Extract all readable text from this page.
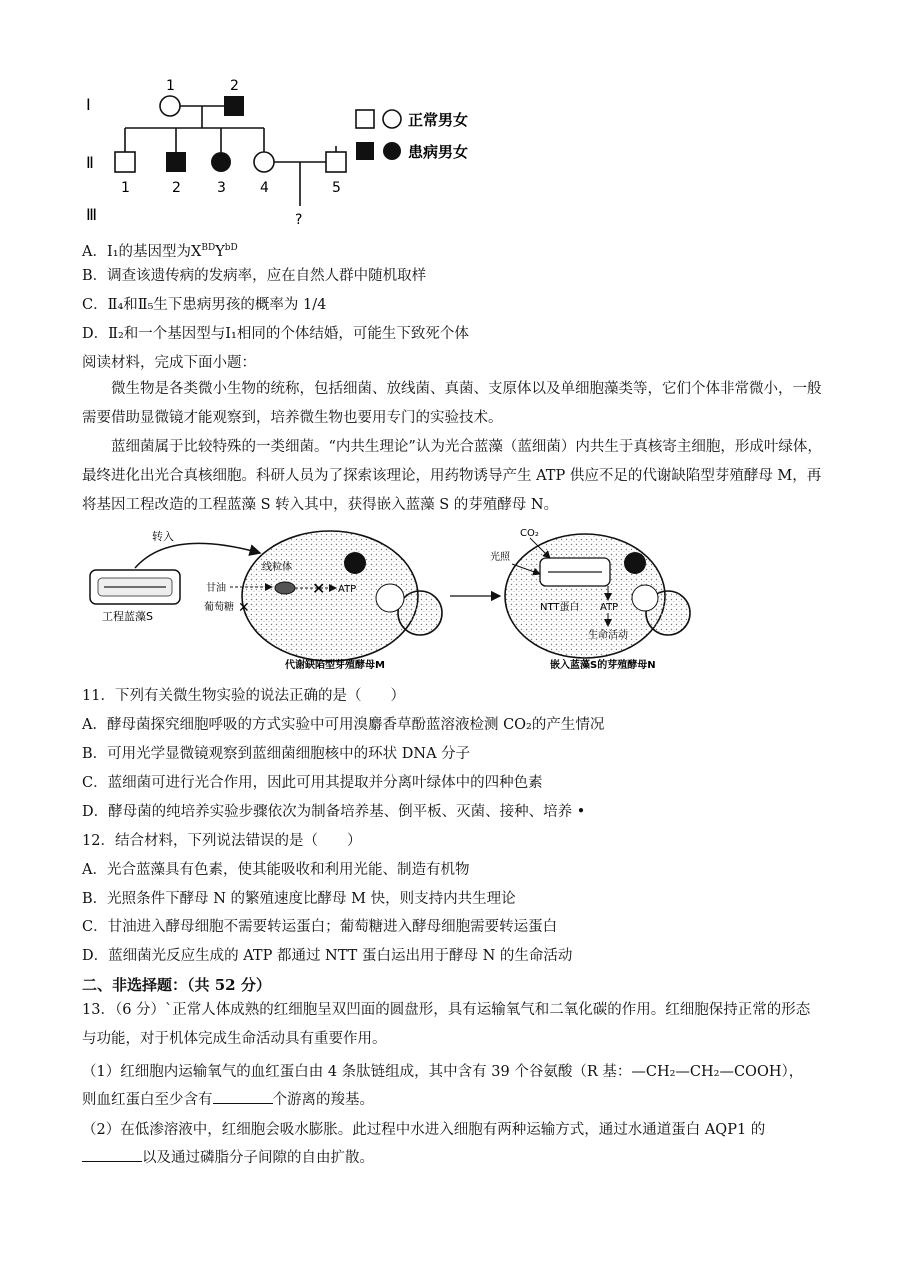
Ⅰ
Ⅱ
Ⅲ
1	2
1	2	3 4	5
?
正常男女
患病男女
A．Ⅰ₁的基因型为$X^{BD}Y^{bD}$
B．调查该遗传病的发病率，应在自然人群中随机取样
C．Ⅱ₄和Ⅱ₅生下患病男孩的概率为 1/4
D．Ⅱ₂和一个基因型与Ⅰ₁相同的个体结婚，可能生下致死个体
阅读材料，完成下面小题：
微生物是各类微小生物的统称，包括细菌、放线菌、真菌、支原体以及单细胞藻类等，它们个体非常微小，一般需要借助显微镜才能观察到，培养微生物也要用专门的实验技术。
蓝细菌属于比较特殊的一类细菌。“内共生理论”认为光合蓝藻（蓝细菌）内共生于真核寄主细胞，形成叶绿体，最终进化出光合真核细胞。科研人员为了探索该理论，用药物诱导产生 ATP 供应不足的代谢缺陷型芽殖酵母 M，再将基因工程改造的工程蓝藻 S 转入其中，获得嵌入蓝藻 S 的芽殖酵母 N。
工程蓝藻S
转入
线粒体
甘油
葡萄糖 ✕
✕ ATP
代谢缺陷型芽殖酵母M
CO₂
光照
NTT蛋白 ATP
生命活动
嵌入蓝藻S的芽殖酵母N
11．下列有关微生物实验的说法正确的是（　　）
A．酵母菌探究细胞呼吸的方式实验中可用溴麝香草酚蓝溶液检测 CO₂的产生情况
B．可用光学显微镜观察到蓝细菌细胞核中的环状 DNA 分子
C．蓝细菌可进行光合作用，因此可用其提取并分离叶绿体中的四种色素
D．酵母菌的纯培养实验步骤依次为制备培养基、倒平板、灭菌、接种、培养 •
12．结合材料，下列说法错误的是（　　）
A．光合蓝藻具有色素，使其能吸收和利用光能、制造有机物
B．光照条件下酵母 N 的繁殖速度比酵母 M 快，则支持内共生理论
C．甘油进入酵母细胞不需要转运蛋白；葡萄糖进入酵母细胞需要转运蛋白
D．蓝细菌光反应生成的 ATP 都通过 NTT 蛋白运出用于酵母 N 的生命活动
二、非选择题：（共 52 分）
13．（6 分）`正常人体成熟的红细胞呈双凹面的圆盘形，具有运输氧气和二氧化碳的作用。红细胞保持正常的形态与功能，对于机体完成生命活动具有重要作用。
（1）红细胞内运输氧气的血红蛋白由 4 条肽链组成，其中含有 39 个谷氨酸（R 基：—CH₂—CH₂—COOH），
则血红蛋白至少含有	个游离的羧基。
（2）在低渗溶液中，红细胞会吸水膨胀。此过程中水进入细胞有两种运输方式，通过水通道蛋白 AQP1 的
以及通过磷脂分子间隙的自由扩散。
